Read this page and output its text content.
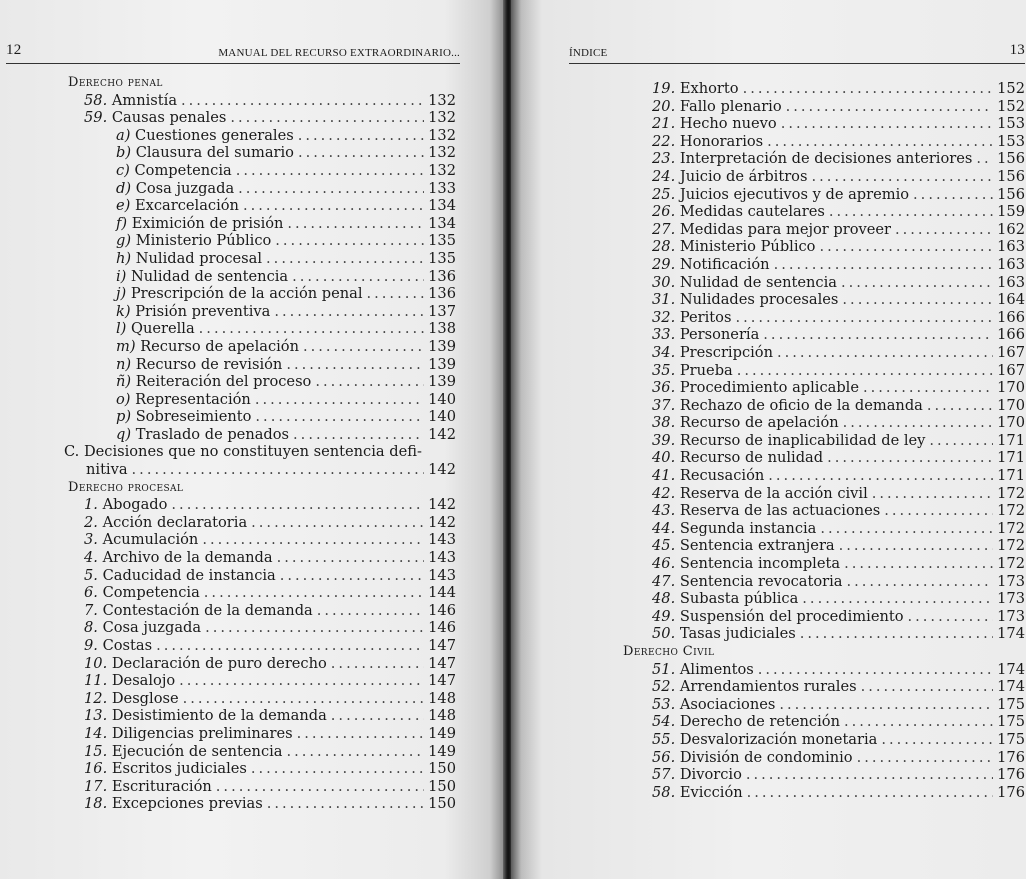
12	MANUAL DEL RECURSO EXTRAORDINARIO...
Derecho penal
58. Amnistía .....	132
59. Causas penales .....	132
a) Cuestiones generales .....	132
b) Clausura del sumario .....	132
c) Competencia .....	132
d) Cosa juzgada .....	133
e) Excarcelación .....	134
f) Eximición de prisión .....	134
g) Ministerio Público .....	135
h) Nulidad procesal .....	135
i) Nulidad de sentencia .....	136
j) Prescripción de la acción penal .....	136
k) Prisión preventiva .....	137
l) Querella .....	138
m) Recurso de apelación .....	139
n) Recurso de revisión .....	139
ñ) Reiteración del proceso .....	139
o) Representación .....	140
p) Sobreseimiento .....	140
q) Traslado de penados .....	142
C. Decisiones que no constituyen sentencia defi-
nitiva .....	142
Derecho procesal
1. Abogado .....	142
2. Acción declaratoria .....	142
3. Acumulación .....	143
4. Archivo de la demanda .....	143
5. Caducidad de instancia .....	143
6. Competencia .....	144
7. Contestación de la demanda .....	146
8. Cosa juzgada .....	146
9. Costas .....	147
10. Declaración de puro derecho .....	147
11. Desalojo .....	147
12. Desglose .....	148
13. Desistimiento de la demanda .....	148
14. Diligencias preliminares .....	149
15. Ejecución de sentencia .....	149
16. Escritos judiciales .....	150
17. Escrituración .....	150
18. Excepciones previas .....	150
ÍNDICE	13
19. Exhorto .....	152
20. Fallo plenario .....	152
21. Hecho nuevo .....	153
22. Honorarios .....	153
23. Interpretación de decisiones anteriores ..... 156
24. Juicio de árbitros .....	156
25. Juicios ejecutivos y de apremio .....	156
26. Medidas cautelares .....	159
27. Medidas para mejor proveer .....	162
28. Ministerio Público .....	163
29. Notificación .....	163
30. Nulidad de sentencia .....	163
31. Nulidades procesales .....	164
32. Peritos .....	166
33. Personería .....	166
34. Prescripción .....	167
35. Prueba .....	167
36. Procedimiento aplicable .....	170
37. Rechazo de oficio de la demanda .....	170
38. Recurso de apelación .....	170
39. Recurso de inaplicabilidad de ley .....	171
40. Recurso de nulidad .....	171
41. Recusación .....	171
42. Reserva de la acción civil .....	172
43. Reserva de las actuaciones .....	172
44. Segunda instancia .....	172
45. Sentencia extranjera .....	172
46. Sentencia incompleta .....	172
47. Sentencia revocatoria .....	173
48. Subasta pública .....	173
49. Suspensión del procedimiento .....	173
50. Tasas judiciales .....	174
Derecho Civil
51. Alimentos .....	174
52. Arrendamientos rurales .....	174
53. Asociaciones .....	175
54. Derecho de retención .....	175
55. Desvalorización monetaria .....	175
56. División de condominio .....	176
57. Divorcio .....	176
58. Evicción .....	176
